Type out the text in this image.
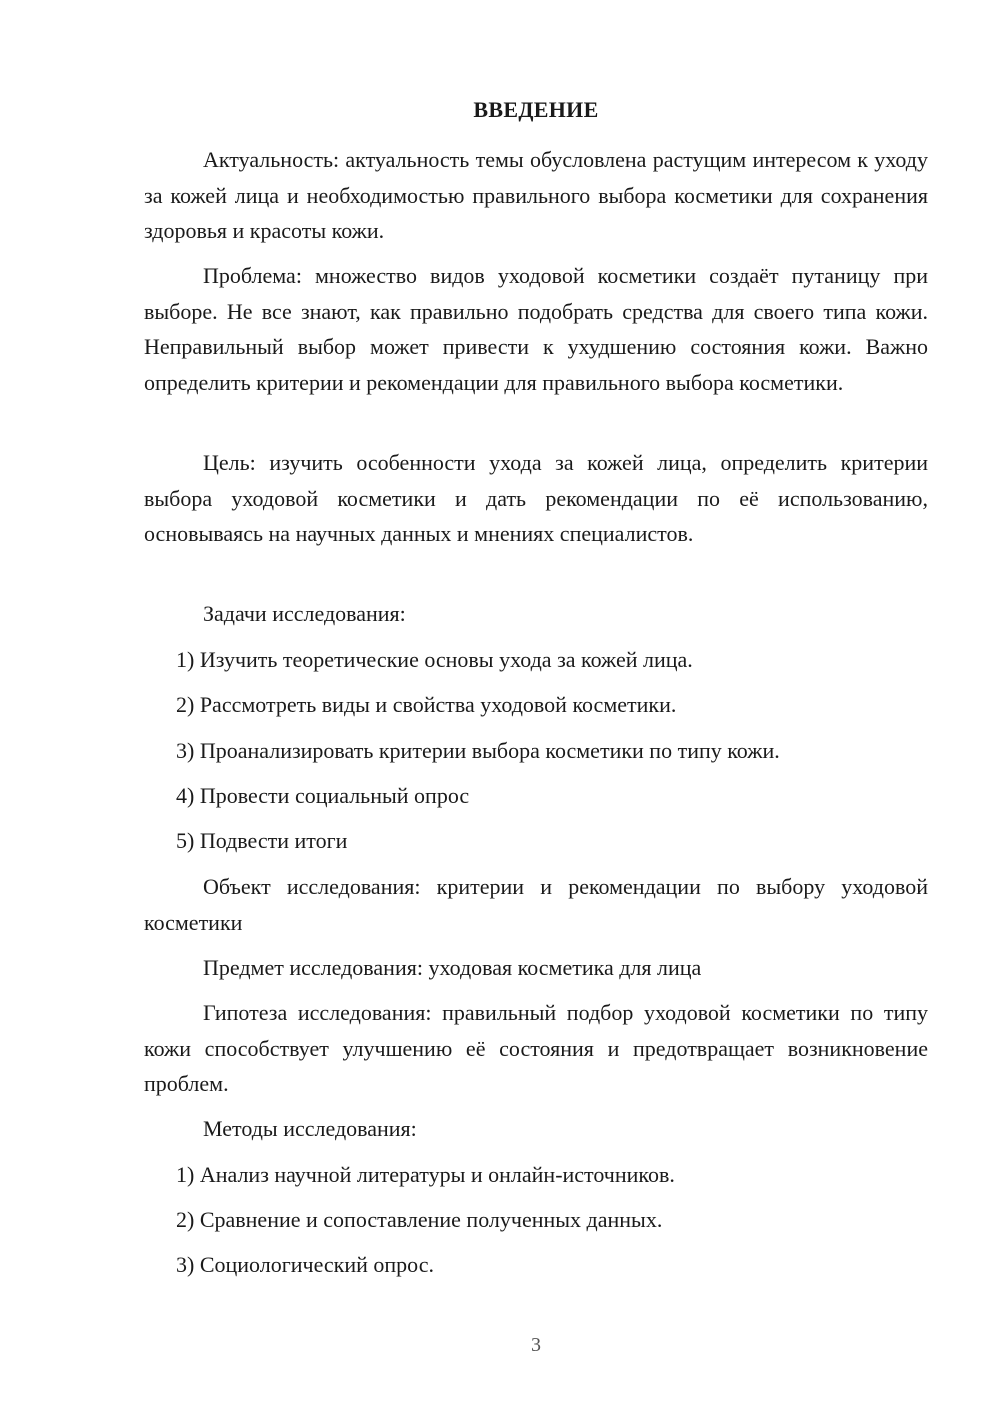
ВВЕДЕНИЕ

Актуальность: актуальность темы обусловлена растущим интересом к уходу за кожей лица и необходимостью правильного выбора косметики для сохранения здоровья и красоты кожи.

Проблема: множество видов уходовой косметики создаёт путаницу при выборе. Не все знают, как правильно подобрать средства для своего типа кожи. Неправильный выбор может привести к ухудшению состояния кожи. Важно определить критерии и рекомендации для правильного выбора косметики.

Цель: изучить особенности ухода за кожей лица, определить критерии выбора уходовой косметики и дать рекомендации по её использованию, основываясь на научных данных и мнениях специалистов.

Задачи исследования:

1) Изучить теоретические основы ухода за кожей лица.

2) Рассмотреть виды и свойства уходовой косметики.

3) Проанализировать критерии выбора косметики по типу кожи.

4) Провести социальный опрос

5) Подвести итоги

Объект исследования: критерии и рекомендации по выбору уходовой косметики

Предмет исследования: уходовая косметика для лица

Гипотеза исследования: правильный подбор уходовой косметики по типу кожи способствует улучшению её состояния и предотвращает возникновение проблем.

Методы исследования:

1) Анализ научной литературы и онлайн-источников.

2) Сравнение и сопоставление полученных данных.

3) Социологический опрос.

3
